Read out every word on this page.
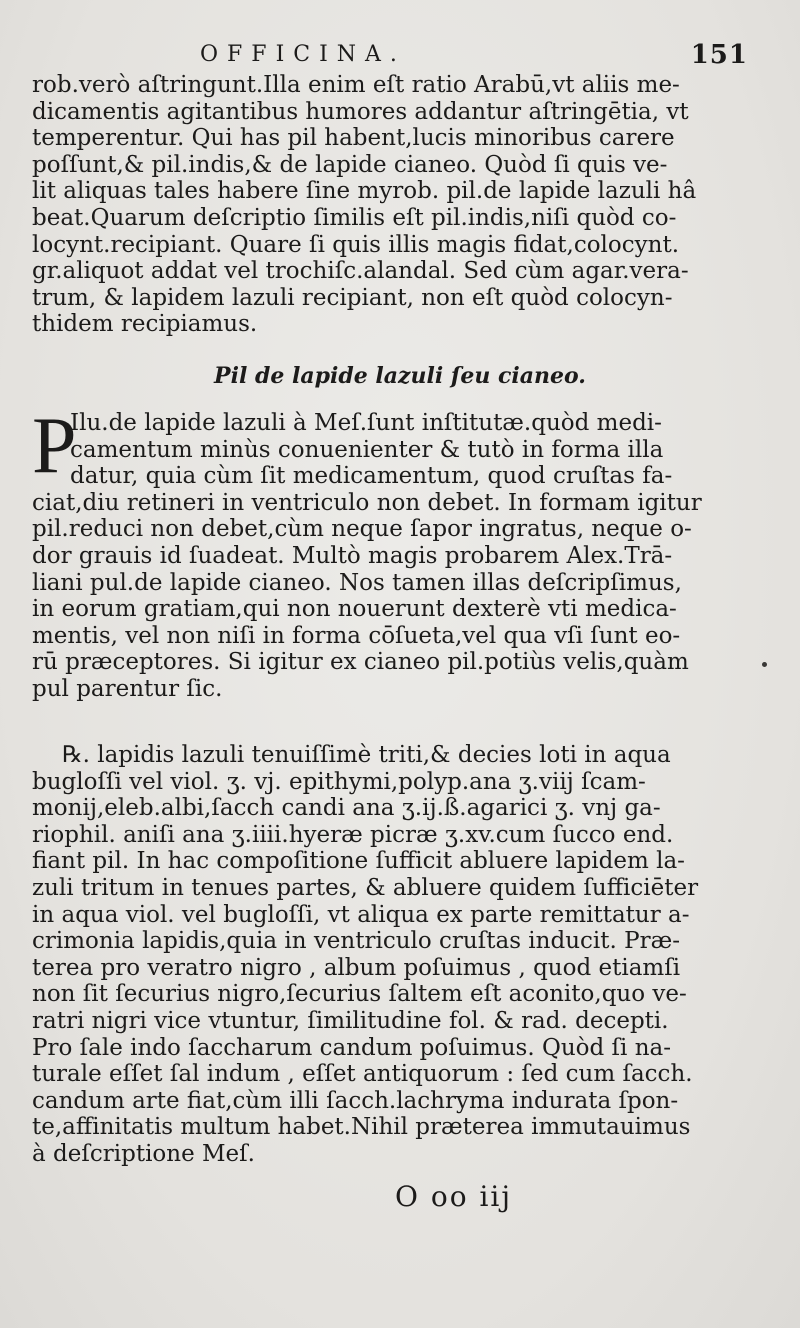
OFFICINA.	151
rob.verò aſtringunt.Illa enim eſt ratio Arabū,vt aliis me-
dicamentis agitantibus humores addantur aſtringētia, vt
temperentur. Qui has pil habent,lucis minoribus carere
poſſunt,& pil.indis,& de lapide cianeo. Quòd ſi quis ve-
lit aliquas tales habere ſine myrob. pil.de lapide lazuli hâ
beat.Quarum deſcriptio ſimilis eſt pil.indis,niſi quòd co-
locynt.recipiant. Quare ſi quis illis magis fidat,colocynt.
gr.aliquot addat vel trochiſc.alandal. Sed cùm agar.vera-
trum, & lapidem lazuli recipiant, non eſt quòd colocyn-
thidem recipiamus.
Pil de lapide lazuli ſeu cianeo.
P
Ilu.de lapide lazuli à Meſ.ſunt inſtitutæ.quòd medi-
camentum minùs conuenienter & tutò in forma illa
datur, quia cùm ſit medicamentum, quod cruſtas fa-
ciat,diu retineri in ventriculo non debet. In formam igitur
pil.reduci non debet,cùm neque ſapor ingratus, neque o-
dor grauis id ſuadeat. Multò magis probarem Alex.Trā-
liani pul.de lapide cianeo. Nos tamen illas deſcripſimus,
in eorum gratiam,qui non nouerunt dexterè vti medica-
mentis, vel non niſi in forma cōſueta,vel qua vſi ſunt eo-
rū præceptores. Si igitur ex cianeo pil.potiùs velis,quàm
pul parentur ſic.
℞. lapidis lazuli tenuiſſimè triti,& decies loti in aqua
bugloſſi vel viol. ʒ. vj. epithymi,polyp.ana ʒ.viij ſcam-
monij,eleb.albi,ſacch candi ana ʒ.ij.ß.agarici ʒ. vnj ga-
riophil. aniſi ana ʒ.iiii.hyeræ picræ ʒ.xv.cum ſucco end.
fiant pil. In hac compoſitione ſufficit abluere lapidem la-
zuli tritum in tenues partes, & abluere quidem ſufficiēter
in aqua viol. vel bugloſſi, vt aliqua ex parte remittatur a-
crimonia lapidis,quia in ventriculo cruſtas inducit. Præ-
terea pro veratro nigro , album poſuimus , quod etiamſi
non ſit ſecurius nigro,ſecurius ſaltem eſt aconito,quo ve-
ratri nigri vice vtuntur, ſimilitudine fol. & rad. decepti.
Pro ſale indo ſaccharum candum poſuimus. Quòd ſi na-
turale eſſet ſal indum , eſſet antiquorum : ſed cum ſacch.
candum arte fiat,cùm illi ſacch.lachryma indurata ſpon-
te,affinitatis multum habet.Nihil præterea immutauimus
à deſcriptione Meſ.
O oo iij
